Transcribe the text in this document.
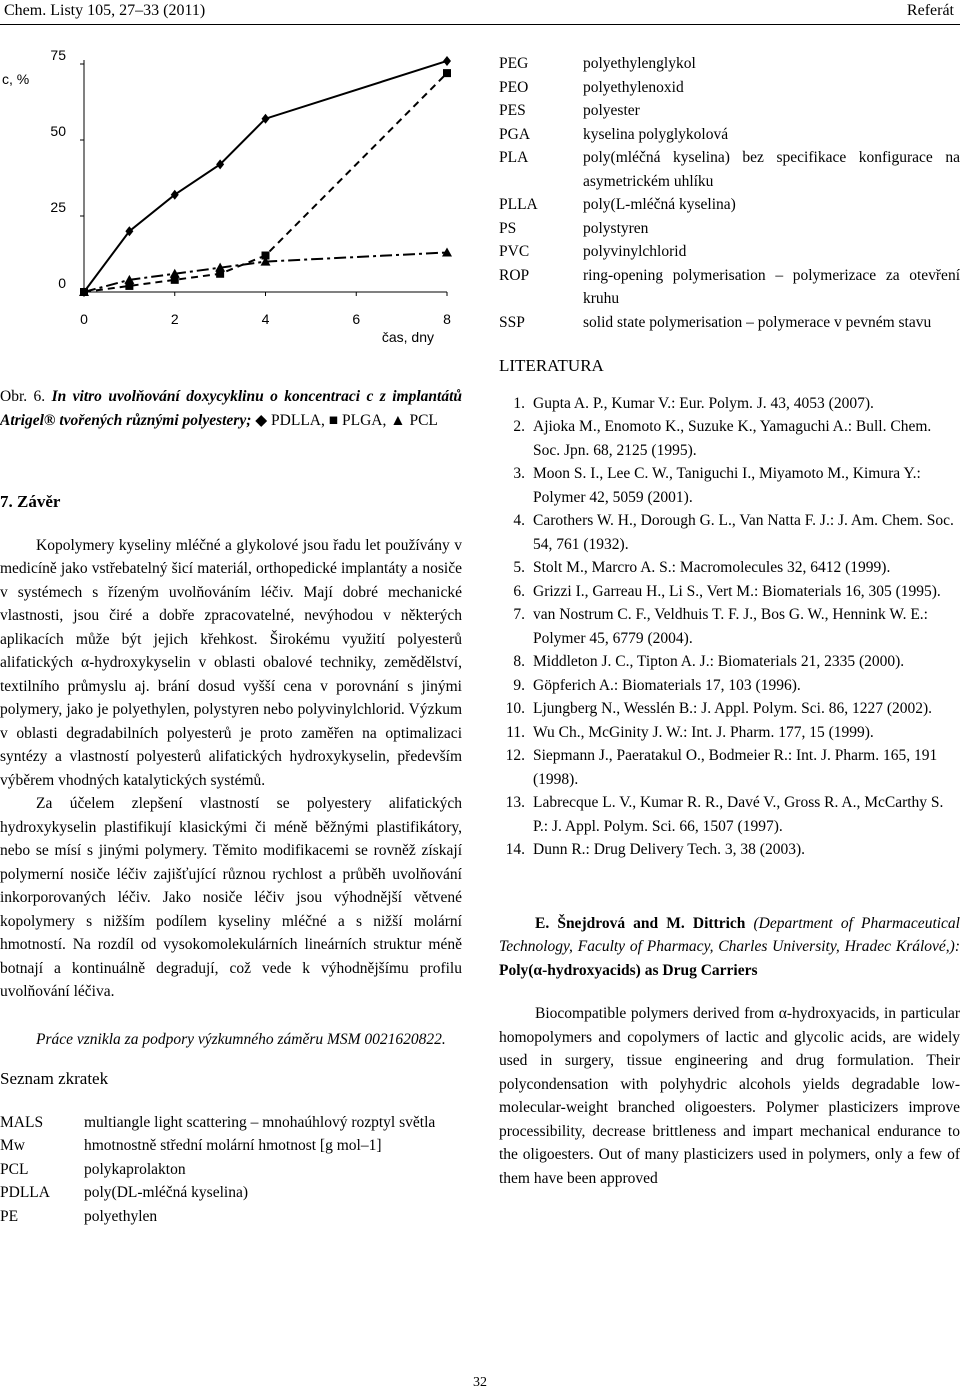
Chem. Listy 105, 27–33 (2011)	Referát
75
50
25
0
0	2	4	6	8
c, %
čas, dny

Obr. 6. In vitro uvolňování doxycyklinu o koncentraci c z implantátů Atrigel® tvořených různými polyestery; ◆ PDLLA, ■ PLGA, ▲ PCL

7. Závěr

Kopolymery kyseliny mléčné a glykolové jsou řadu let používány v medicíně jako vstřebatelný šicí materiál, orthopedické implantáty a nosiče v systémech s řízeným uvolňováním léčiv. Mají dobré mechanické vlastnosti, jsou čiré a dobře zpracovatelné, nevýhodou v některých aplikacích může být jejich křehkost. Širokému využití polyesterů alifatických α-hydroxykyselin v oblasti obalové techniky, zemědělství, textilního průmyslu aj. brání dosud vyšší cena v porovnání s jinými polymery, jako je polyethylen, polystyren nebo polyvinylchlorid. Výzkum v oblasti degradabilních polyesterů je proto zaměřen na optimalizaci syntézy a vlastností polyesterů alifatických hydroxykyselin, především výběrem vhodných katalytických systémů.

Za účelem zlepšení vlastností se polyestery alifatických hydroxykyselin plastifikují klasickými či méně běžnými plastifikátory, nebo se mísí s jinými polymery. Těmito modifikacemi se rovněž získají polymerní nosiče léčiv zajišťující různou rychlost a průběh uvolňování inkorporovaných léčiv. Jako nosiče léčiv jsou výhodnější větvené kopolymery s nižším podílem kyseliny mléčné a s nižší molární hmotností. Na rozdíl od vysokomolekulárních lineárních struktur méně botnají a kontinuálně degradují, což vede k výhodnějšímu profilu uvolňování léčiva.

Práce vznikla za podpory výzkumného záměru MSM 0021620822.

Seznam zkratek

MALS	multiangle light scattering – mnohaúhlový rozptyl světla
Mw	hmotnostně střední molární hmotnost [g mol–1]
PCL	polykaprolakton
PDLLA	poly(DL-mléčná kyselina)
PE	polyethylen
PEG	polyethylenglykol
PEO	polyethylenoxid
PES	polyester
PGA	kyselina polyglykolová
PLA	poly(mléčná kyselina) bez specifikace konfigurace na asymetrickém uhlíku
PLLA	poly(L-mléčná kyselina)
PS	polystyren
PVC	polyvinylchlorid
ROP	ring-opening polymerisation – polymerizace za otevření kruhu
SSP	solid state polymerisation – polymerace v pevném stavu

LITERATURA

1. Gupta A. P., Kumar V.: Eur. Polym. J. 43, 4053 (2007).
2. Ajioka M., Enomoto K., Suzuke K., Yamaguchi A.: Bull. Chem. Soc. Jpn. 68, 2125 (1995).
3. Moon S. I., Lee C. W., Taniguchi I., Miyamoto M., Kimura Y.: Polymer 42, 5059 (2001).
4. Carothers W. H., Dorough G. L., Van Natta F. J.: J. Am. Chem. Soc. 54, 761 (1932).
5. Stolt M., Marcro A. S.: Macromolecules 32, 6412 (1999).
6. Grizzi I., Garreau H., Li S., Vert M.: Biomaterials 16, 305 (1995).
7. van Nostrum C. F., Veldhuis T. F. J., Bos G. W., Hennink W. E.: Polymer 45, 6779 (2004).
8. Middleton J. C., Tipton A. J.: Biomaterials 21, 2335 (2000).
9. Göpferich A.: Biomaterials 17, 103 (1996).
10. Ljungberg N., Wesslén B.: J. Appl. Polym. Sci. 86, 1227 (2002).
11. Wu Ch., McGinity J. W.: Int. J. Pharm. 177, 15 (1999).
12. Siepmann J., Paeratakul O., Bodmeier R.: Int. J. Pharm. 165, 191 (1998).
13. Labrecque L. V., Kumar R. R., Davé V., Gross R. A., McCarthy S. P.: J. Appl. Polym. Sci. 66, 1507 (1997).
14. Dunn R.: Drug Delivery Tech. 3, 38 (2003).

E. Šnejdrová and M. Dittrich (Department of Pharmaceutical Technology, Faculty of Pharmacy, Charles University, Hradec Králové,): Poly(α-hydroxyacids) as Drug Carriers

Biocompatible polymers derived from α-hydroxyacids, in particular homopolymers and copolymers of lactic and glycolic acids, are widely used in surgery, tissue engineering and drug formulation. Their polycondensation with polyhydric alcohols yields degradable low-molecular-weight branched oligoesters. Polymer plasticizers improve processibility, decrease brittleness and impart mechanical endurance to the oligoesters. Out of many plasticizers used in polymers, only a few of them have been approved

32
